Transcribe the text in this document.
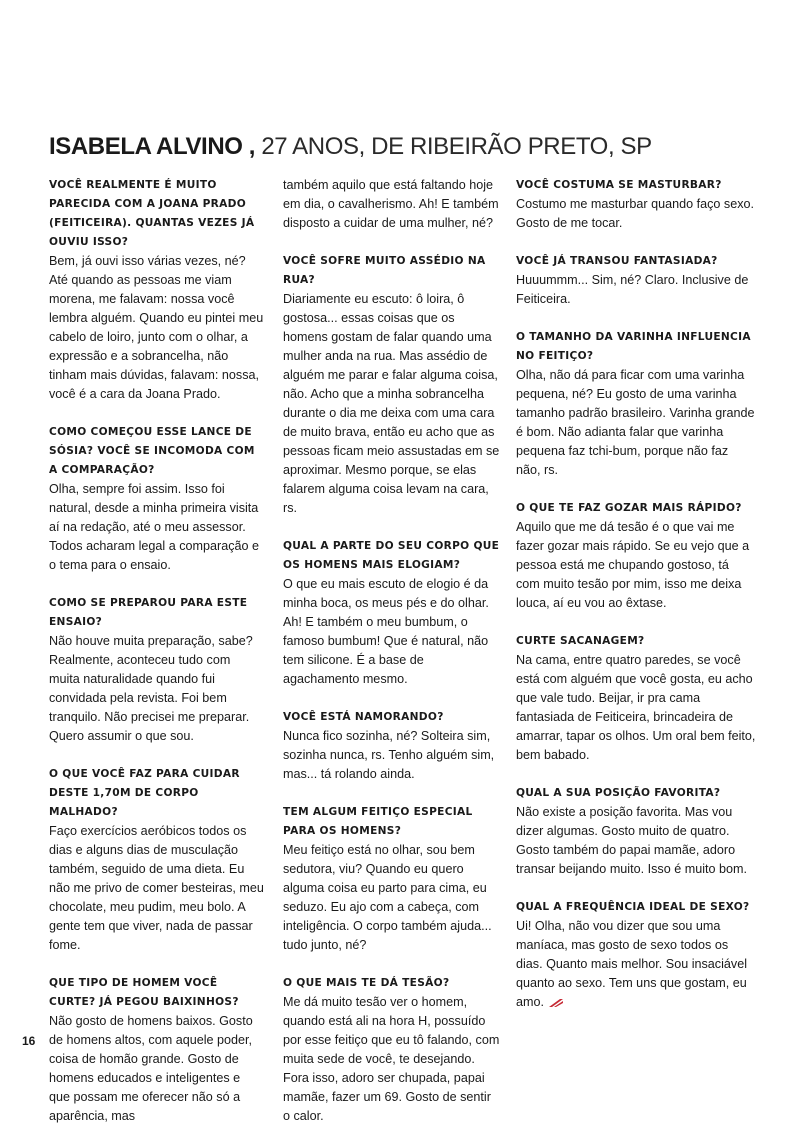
ISABELA ALVINO , 27 ANOS, DE RIBEIRÃO PRETO, SP

VOCÊ REALMENTE É MUITO PARECIDA COM A JOANA PRADO (FEITICEIRA). QUANTAS VEZES JÁ OUVIU ISSO?

Bem, já ouvi isso várias vezes, né? Até quando as pessoas me viam morena, me falavam: nossa você lembra alguém. Quando eu pintei meu cabelo de loiro, junto com o olhar, a expressão e a sobrancelha, não tinham mais dúvidas, falavam: nossa, você é a cara da Joana Prado.

COMO COMEÇOU ESSE LANCE DE SÓSIA? VOCÊ SE INCOMODA COM A COMPARAÇÃO?

Olha, sempre foi assim. Isso foi natural, desde a minha primeira visita aí na redação, até o meu assessor. Todos acharam legal a comparação e o tema para o ensaio.

COMO SE PREPAROU PARA ESTE ENSAIO?

Não houve muita preparação, sabe? Realmente, aconteceu tudo com muita naturalidade quando fui convidada pela revista. Foi bem tranquilo. Não precisei me preparar. Quero assumir o que sou.

O QUE VOCÊ FAZ PARA CUIDAR DESTE 1,70M DE CORPO MALHADO?

Faço exercícios aeróbicos todos os dias e alguns dias de musculação também, seguido de uma dieta. Eu não me privo de comer besteiras, meu chocolate, meu pudim, meu bolo. A gente tem que viver, nada de passar fome.

QUE TIPO DE HOMEM VOCÊ CURTE? JÁ PEGOU BAIXINHOS?

Não gosto de homens baixos. Gosto de homens altos, com aquele poder, coisa de homão grande. Gosto de homens educados e inteligentes e que possam me oferecer não só a aparência, mas

também aquilo que está faltando hoje em dia, o cavalherismo. Ah! E também disposto a cuidar de uma mulher, né?

VOCÊ SOFRE MUITO ASSÉDIO NA RUA?

Diariamente eu escuto: ô loira, ô gostosa... essas coisas que os homens gostam de falar quando uma mulher anda na rua. Mas assédio de alguém me parar e falar alguma coisa, não. Acho que a minha sobrancelha durante o dia me deixa com uma cara de muito brava, então eu acho que as pessoas ficam meio assustadas em se aproximar. Mesmo porque, se elas falarem alguma coisa levam na cara, rs.

QUAL A PARTE DO SEU CORPO QUE OS HOMENS MAIS ELOGIAM?

O que eu mais escuto de elogio é da minha boca, os meus pés e do olhar. Ah! E também o meu bumbum, o famoso bumbum! Que é natural, não tem silicone. É a base de agachamento mesmo.

VOCÊ ESTÁ NAMORANDO?

Nunca fico sozinha, né? Solteira sim, sozinha nunca, rs. Tenho alguém sim, mas... tá rolando ainda.

TEM ALGUM FEITIÇO ESPECIAL PARA OS HOMENS?

Meu feitiço está no olhar, sou bem sedutora, viu? Quando eu quero alguma coisa eu parto para cima, eu seduzo. Eu ajo com a cabeça, com inteligência. O corpo também ajuda... tudo junto, né?

O QUE MAIS TE DÁ TESÃO?

Me dá muito tesão ver o homem, quando está ali na hora H, possuído por esse feitiço que eu tô falando, com muita sede de você, te desejando. Fora isso, adoro ser chupada, papai mamãe, fazer um 69. Gosto de sentir o calor.

VOCÊ COSTUMA SE MASTURBAR?

Costumo me masturbar quando faço sexo. Gosto de me tocar.

VOCÊ JÁ TRANSOU FANTASIADA?

Huuummm... Sim, né? Claro. Inclusive de Feiticeira.

O TAMANHO DA VARINHA INFLUENCIA NO FEITIÇO?

Olha, não dá para ficar com uma varinha pequena, né? Eu gosto de uma varinha tamanho padrão brasileiro. Varinha grande é bom. Não adianta falar que varinha pequena faz tchi-bum, porque não faz não, rs.

O QUE TE FAZ GOZAR MAIS RÁPIDO?

Aquilo que me dá tesão é o que vai me fazer gozar mais rápido. Se eu vejo que a pessoa está me chupando gostoso, tá com muito tesão por mim, isso me deixa louca, aí eu vou ao êxtase.

CURTE SACANAGEM?

Na cama, entre quatro paredes, se você está com alguém que você gosta, eu acho que vale tudo. Beijar, ir pra cama fantasiada de Feiticeira, brincadeira de amarrar, tapar os olhos. Um oral bem feito, bem babado.

QUAL A SUA POSIÇÃO FAVORITA?

Não existe a posição favorita. Mas vou dizer algumas. Gosto muito de quatro. Gosto também do papai mamãe, adoro transar beijando muito. Isso é muito bom.

QUAL A FREQUÊNCIA IDEAL DE SEXO?

Ui! Olha, não vou dizer que sou uma maníaca, mas gosto de sexo todos os dias. Quanto mais melhor. Sou insaciável quanto ao sexo. Tem uns que gostam, eu amo.

16
